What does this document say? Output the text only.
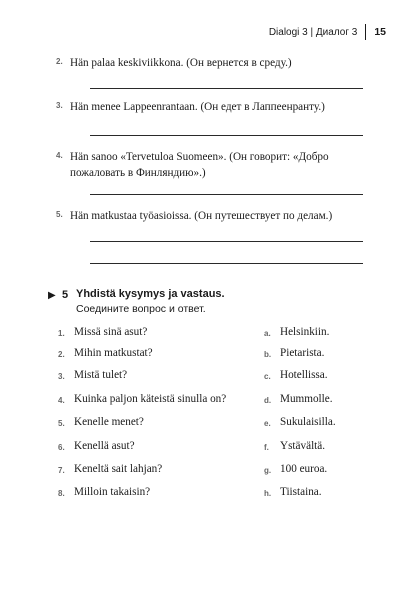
Dialogi 3 | Диалог 3 15
2. Hän palaa keskiviikkona. (Он вернется в среду.)
3. Hän menee Lappeenrantaan. (Он едет в Лаппеенранту.)
4. Hän sanoo «Tervetuloa Suomeen». (Он говорит: «Добро пожаловать в Финляндию».)
5. Hän matkustaa työasioissa. (Он путешествует по делам.)
▶ 5 Yhdistä kysymys ja vastaus.
Соедините вопрос и ответ.
1. Missä sinä asut?	a. Helsinkiin.
2. Mihin matkustat?	b. Pietarista.
3. Mistä tulet?	c. Hotellissa.
4. Kuinka paljon käteistä sinulla on?	d. Mummolle.
5. Kenelle menet?	e. Sukulaisilla.
6. Kenellä asut?	f. Ystävältä.
7. Keneltä sait lahjan?	g. 100 euroa.
8. Milloin takaisin?	h. Tiistaina.
